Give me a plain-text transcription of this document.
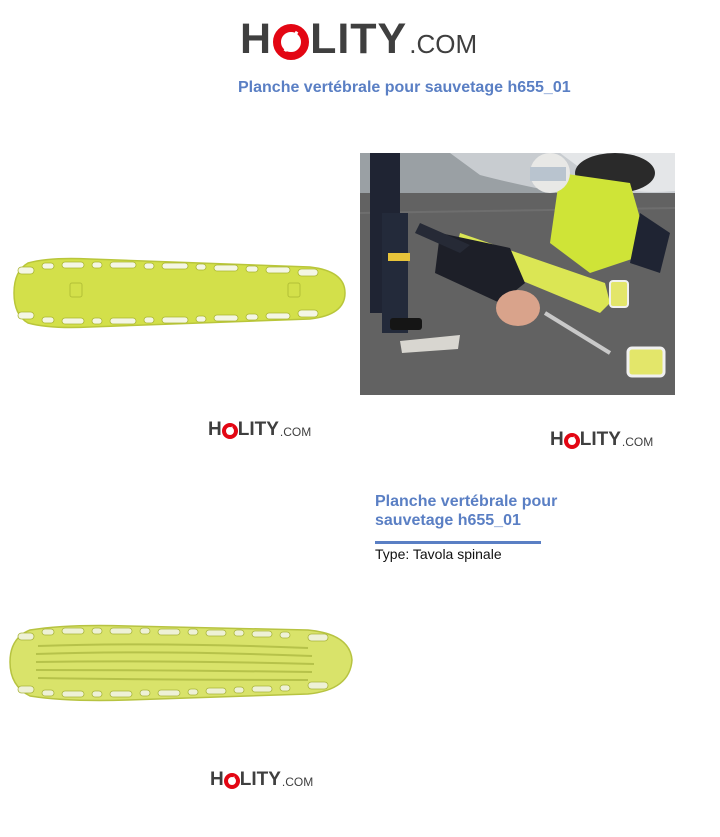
H LITY .COM
Planche vertébrale pour sauvetage h655_01
H LITY .COM	H LITY .COM
Planche vertébrale pour sauvetage h655_01
Type: Tavola spinale
H LITY .COM
